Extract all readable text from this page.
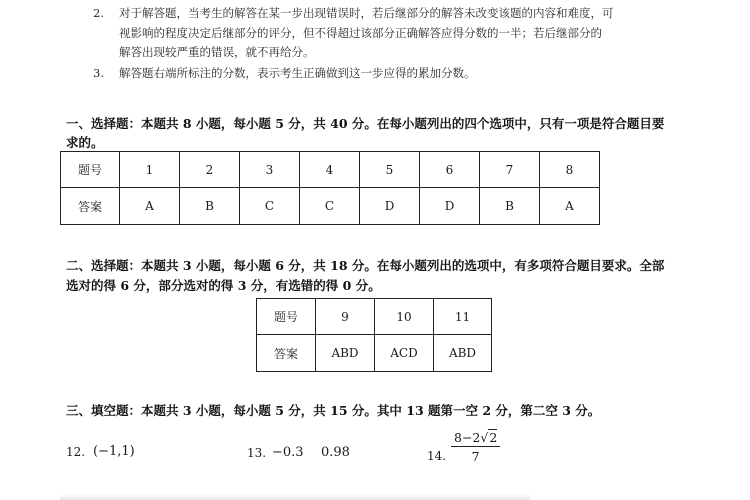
2. 对于解答题，当考生的解答在某一步出现错误时，若后继部分的解答未改变该题的内容和难度，可
视影响的程度决定后继部分的评分，但不得超过该部分正确解答应得分数的一半；若后继部分的
解答出现较严重的错误，就不再给分。
3. 解答题右端所标注的分数，表示考生正确做到这一步应得的累加分数。
一、选择题：本题共 8 小题，每小题 5 分，共 40 分。在每小题列出的四个选项中，只有一项是符合题目要
求的。
题号	1	2	3	4	5	6	7	8
答案	A	B	C	C	D	D	B	A
二、选择题：本题共 3 小题，每小题 6 分，共 18 分。在每小题列出的选项中，有多项符合题目要求。全部
选对的得 6 分，部分选对的得 3 分，有选错的得 0 分。
题号	9	10	11
答案	ABD	ACD	ABD
三、填空题：本题共 3 小题，每小题 5 分，共 15 分。其中 13 题第一空 2 分，第二空 3 分。
12. (−1,1)	13. −0.3 0.98	14. $\frac{8-2√2}{7}$
